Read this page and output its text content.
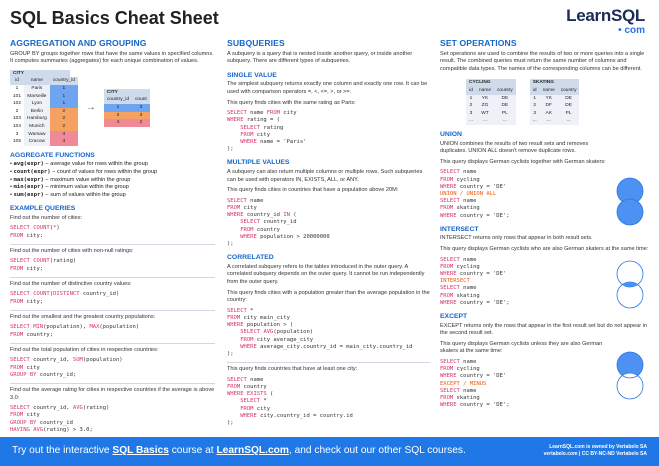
SQL Basics Cheat Sheet	LearnSQL
• com
AGGREGATION AND GROUPING
GROUP BY groups together rows that have the same values in specified columns. It computes summaries (aggregates) for each unique combination of values.
CITY
id	name	country_id
1	Paris	1
101	Marseille	1
102	Lyon	1
2	Berlin	2
103	Hamburg	2
104	Munich	2
3	Warsaw	4
105	Cracow	4
→
CITY
country_id	count
1	3
2	3
4	2
AGGREGATE FUNCTIONS
• avg(expr) − average value for rows within the group
• count(expr) − count of values for rows within the group
• max(expr) − maximum value within the group
• min(expr) − minimum value within the group
• sum(expr) − sum of values within the group
EXAMPLE QUERIES
Find out the number of cities:
SELECT COUNT(*)
FROM city;
Find out the number of cities with non-null ratings:
SELECT COUNT(rating)
FROM city;
Find out the number of distinctive country values:
SELECT COUNT(DISTINCT country_id)
FROM city;
Find out the smallest and the greatest country populations:
SELECT MIN(population), MAX(population)
FROM country;
Find out the total population of cities in respective countries:
SELECT country_id, SUM(population)
FROM city
GROUP BY country_id;
Find out the average rating for cities in respective countries if the average is above 3.0:
SELECT country_id, AVG(rating)
FROM city
GROUP BY country_id
HAVING AVG(rating) > 3.0;
SUBQUERIES
A subquery is a query that is nested inside another query, or inside another subquery. There are different types of subqueries.
SINGLE VALUE
The simplest subquery returns exactly one column and exactly one row. It can be used with comparison operators =, <, <=, >, or >=.
This query finds cities with the same rating as Paris:
SELECT name FROM city
WHERE rating = (
SELECT rating
FROM city
WHERE name = 'Paris'
);
MULTIPLE VALUES
A subquery can also return multiple columns or multiple rows. Such subqueries can be used with operators IN, EXISTS, ALL, or ANY.
This query finds cities in countries that have a population above 20M:
SELECT name
FROM city
WHERE country_id IN (
SELECT country_id
FROM country
WHERE population > 20000000
);
CORRELATED
A correlated subquery refers to the tables introduced in the outer query. A correlated subquery depends on the outer query. It cannot be run independently from the outer query.
This query finds cities with a population greater than the average population in the country:
SELECT *
FROM city main_city
WHERE population > (
SELECT AVG(population)
FROM city average_city
WHERE average_city.country_id = main_city.country_id
);
This query finds countries that have at least one city:
SELECT name
FROM country
WHERE EXISTS (
SELECT *
FROM city
WHERE city.country_id = country.id
);
SET OPERATIONS
Set operations are used to combine the results of two or more queries into a single result. The combined queries must return the same number of columns and compatible data types. The names of the corresponding columns can be different.
CYCLING
id	name	country
1	YK	DE
2	ZG	DE
3	WT	PL
...	...	...
SKATING
id	name	country
1	YK	DE
2	DF	DE
3	AK	PL
...	...	...
UNION
UNION combines the results of two result sets and removes duplicates. UNION ALL doesn't remove duplicate rows.
This query displays German cyclists together with German skaters:
SELECT name
FROM cycling
WHERE country = 'DE'
UNION / UNION ALL
SELECT name
FROM skating
WHERE country = 'DE';
INTERSECT
INTERSECT returns only rows that appear in both result sets.
This query displays German cyclists who are also German skaters at the same time:
SELECT name
FROM cycling
WHERE country = 'DE'
INTERSECT
SELECT name
FROM skating
WHERE country = 'DE';
EXCEPT
EXCEPT returns only the rows that appear in the first result set but do not appear in the second result set.
This query displays German cyclists unless they are also German skaters at the same time:
SELECT name
FROM cycling
WHERE country = 'DE'
EXCEPT / MINUS
SELECT name
FROM skating
WHERE country = 'DE';
Try out the interactive SQL Basics course at LearnSQL.com, and check out our other SQL courses.	LearnSQL.com is owned by Vertabelo SA
vertabelo.com | CC BY-NC-ND Vertabelo SA
